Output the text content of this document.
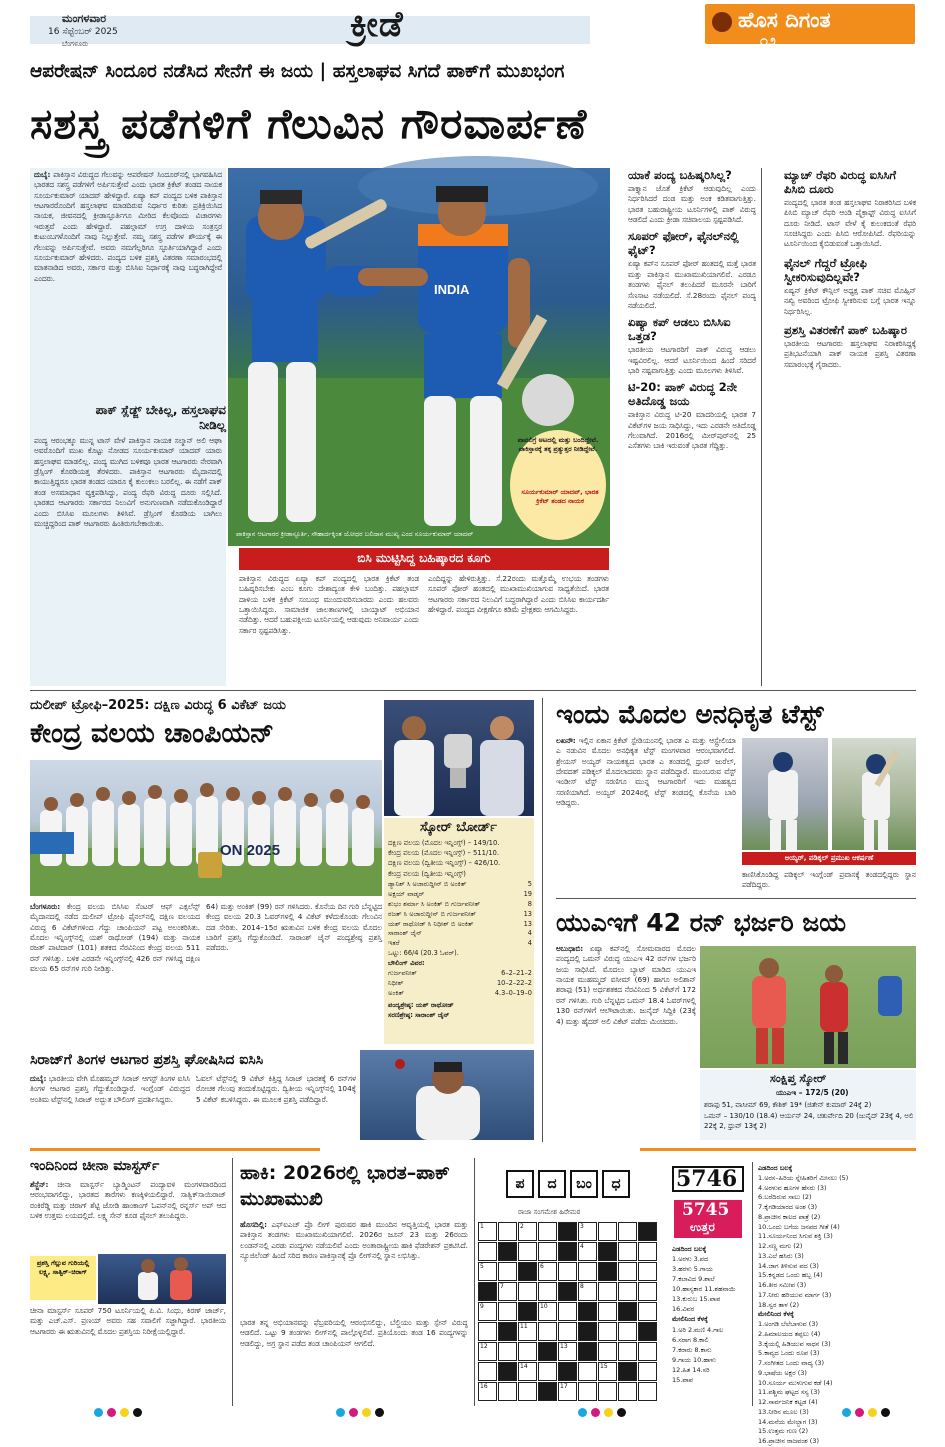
ಮಂಗಳವಾರ
16 ಸೆಪ್ಟೆಂಬರ್ 2025
ಬೆಂಗಳೂರು	ಕ್ರೀಡೆ	ಹೊಸ ದಿಗಂತ
೧೨
ಆಪರೇಷನ್ ಸಿಂದೂರ ನಡೆಸಿದ ಸೇನೆಗೆ ಈ ಜಯ | ಹಸ್ತಲಾಘವ ಸಿಗದೆ ಪಾಕ್‌ಗೆ ಮುಖಭಂಗ
ಸಶಸ್ತ್ರ ಪಡೆಗಳಿಗೆ ಗೆಲುವಿನ ಗೌರವಾರ್ಪಣೆ
ದುಬೈ: ಪಾಕಿಸ್ತಾನ ವಿರುದ್ಧದ ಗೆಲುವನ್ನು ಆಪರೇಷನ್ ಸಿಂದೂರ್‌ನಲ್ಲಿ ಭಾಗವಹಿಸಿದ ಭಾರತದ ಸಶಸ್ತ್ರ ಪಡೆಗಳಿಗೆ ಅರ್ಪಿಸುತ್ತೇವೆ ಎಂದು ಭಾರತ ಕ್ರಿಕೆಟ್ ತಂಡದ ನಾಯಕ ಸೂರ್ಯಕುಮಾರ್ ಯಾದವ್ ಹೇಳಿದ್ದಾರೆ. ಏಷ್ಯಾ ಕಪ್ ಪಂದ್ಯದ ಬಳಿಕ ಪಾಕಿಸ್ತಾನ ಆಟಗಾರರೊಂದಿಗೆ ಹಸ್ತಲಾಘವ ಮಾಡದಿರುವ ನಿರ್ಧಾರ ಕುರಿತು ಪ್ರತಿಕ್ರಿಯಿಸಿದ ನಾಯಕ, ಜೀವನದಲ್ಲಿ ಕ್ರೀಡಾಸ್ಫೂರ್ತಿಗೂ ಮೀರಿದ ಕೆಲವೊಂದು ವಿಚಾರಗಳು ಇರುತ್ತವೆ ಎಂದು ಹೇಳಿದ್ದಾರೆ. ಪಹಲ್ಗಾಮ್ ಉಗ್ರ ದಾಳಿಯ ಸಂತ್ರಸ್ತರ ಕುಟುಂಬಗಳೊಂದಿಗೆ ನಾವು ನಿಲ್ಲುತ್ತೇವೆ. ನಮ್ಮ ಸಶಸ್ತ್ರ ಪಡೆಗಳ ಶೌರ್ಯಕ್ಕೆ ಈ ಗೆಲುವನ್ನು ಅರ್ಪಿಸುತ್ತೇವೆ. ಅವರು ನಮಗೆಲ್ಲರಿಗೂ ಸ್ಫೂರ್ತಿಯಾಗಿದ್ದಾರೆ ಎಂದು ಸೂರ್ಯಕುಮಾರ್ ಹೇಳಿದರು. ಪಂದ್ಯದ ಬಳಿಕ ಪ್ರಶಸ್ತಿ ವಿತರಣಾ ಸಮಾರಂಭದಲ್ಲಿ ಮಾತನಾಡಿದ ಅವರು, ಸರ್ಕಾರ ಮತ್ತು ಬಿಸಿಸಿಐ ನಿರ್ಧಾರಕ್ಕೆ ನಾವು ಬದ್ಧರಾಗಿದ್ದೇವೆ ಎಂದರು.
ಪಾಕ್ ಸ್ಲೆಡ್ಜ್ ಬೇಕಿಲ್ಲ, ಹಸ್ತಲಾಘವ ನೀಡಿಲ್ಲ
ಪಂದ್ಯ ಆರಂಭಕ್ಕೂ ಮುನ್ನ ಟಾಸ್ ವೇಳೆ ಪಾಕಿಸ್ತಾನ ನಾಯಕ ಸಲ್ಮಾನ್ ಅಲಿ ಆಘಾ ಅವರೊಂದಿಗೆ ಮುಖ ಕೊಟ್ಟು ನೋಡದ ಸೂರ್ಯಕುಮಾರ್ ಯಾದವ್ ಯಾರು ಹಸ್ತಲಾಘವ ಮಾಡಲಿಲ್ಲ. ಪಂದ್ಯ ಮುಗಿದ ಬಳಿಕವೂ ಭಾರತ ಆಟಗಾರರು ನೇರವಾಗಿ ಡ್ರೆಸ್ಸಿಂಗ್ ಕೊಠಡಿಯತ್ತ ತೆರಳಿದರು. ಪಾಕಿಸ್ತಾನ ಆಟಗಾರರು ಮೈದಾನದಲ್ಲಿ ಕಾಯುತ್ತಿದ್ದರೂ ಭಾರತ ತಂಡದ ಯಾರೂ ಕೈ ಕುಲುಕಲು ಬರಲಿಲ್ಲ. ಈ ನಡೆಗೆ ಪಾಕ್ ತಂಡ ಅಸಮಾಧಾನ ವ್ಯಕ್ತಪಡಿಸಿದ್ದು, ಪಂದ್ಯ ರೆಫರಿ ವಿರುದ್ಧ ದೂರು ಸಲ್ಲಿಸಿದೆ. ಭಾರತದ ಆಟಗಾರರು ಸರ್ಕಾರದ ನಿಲುವಿಗೆ ಅನುಗುಣವಾಗಿ ನಡೆದುಕೊಂಡಿದ್ದಾರೆ ಎಂದು ಬಿಸಿಸಿಐ ಮೂಲಗಳು ತಿಳಿಸಿವೆ. ಡ್ರೆಸ್ಸಿಂಗ್ ಕೊಠಡಿಯ ಬಾಗಿಲು ಮುಚ್ಚಿದ್ದರಿಂದ ಪಾಕ್ ಆಟಗಾರರು ಹಿಂತಿರುಗಬೇಕಾಯಿತು.
INDIA
ಪಾವಲಿಗ್ರೆ ಅಟದಲ್ಲಿ ಮತ್ತು ಬಂದಿದ್ದೇವೆ. ಪಾಕಿಸ್ತಾನಕ್ಕೆ ತಕ್ಕ ಪ್ರತ್ಯುತ್ತರ ನೀಡಿದ್ದೇವೆ.
ಸೂರ್ಯಕುಮಾರ್ ಯಾದವ್, ಭಾರತ ಕ್ರಿಕೆಟ್ ತಂಡದ ನಾಯಕ
ಪಾಕಿಸ್ತಾನ ಆಟಗಾರರ ಕ್ರೀಡಾಸ್ಫೂರ್ತಿ, ಸೌಹಾರ್ದಕ್ಕಿಂತ ಯೋಧರ ಬಲಿದಾನ ಮುಖ್ಯ ಎಂದ ಸೂರ್ಯಕುಮಾರ್ ಯಾದವ್
ಬಿಸಿ ಮುಟ್ಟಿಸಿದ್ದ ಬಹಿಷ್ಕಾರದ ಕೂಗು
ಪಾಕಿಸ್ತಾನ ವಿರುದ್ಧದ ಏಷ್ಯಾ ಕಪ್ ಪಂದ್ಯದಲ್ಲಿ ಭಾರತ ಕ್ರಿಕೆಟ್ ತಂಡ ಬಹಿಷ್ಕರಿಸಬೇಕು ಎಂಬ ಕೂಗು ದೇಶಾದ್ಯಂತ ಕೇಳಿ ಬಂದಿತ್ತು. ಪಹಲ್ಗಾಮ್ ದಾಳಿಯ ಬಳಿಕ ಕ್ರಿಕೆಟ್ ಸಂಬಂಧ ಮುಂದುವರಿಸಬಾರದು ಎಂದು ಹಲವರು ಒತ್ತಾಯಿಸಿದ್ದರು. ಸಾಮಾಜಿಕ ಜಾಲತಾಣಗಳಲ್ಲಿ ಬಾಯ್ಕಾಟ್ ಅಭಿಯಾನ ನಡೆದಿತ್ತು. ಆದರೆ ಬಹುಪಕ್ಷೀಯ ಟೂರ್ನಿಯಲ್ಲಿ ಆಡುವುದು ಅನಿವಾರ್ಯ ಎಂದು ಸರ್ಕಾರ ಸ್ಪಷ್ಟಪಡಿಸಿತ್ತು.
ಎಂದಿದ್ದನ್ನು ಹೇಳಿರುತ್ತಿತ್ತು. ಸೆ.22ರಂದು ಮತ್ತೊಮ್ಮೆ ಉಭಯ ತಂಡಗಳು ಸೂಪರ್ ಫೋರ್ ಹಂತದಲ್ಲಿ ಮುಖಾಮುಖಿಯಾಗುವ ಸಾಧ್ಯತೆಯಿದೆ. ಭಾರತ ಆಟಗಾರರು ಸರ್ಕಾರದ ನಿಲುವಿಗೆ ಬದ್ಧರಾಗಿದ್ದಾರೆ ಎಂದು ಬಿಸಿಸಿಐ ಕಾರ್ಯದರ್ಶಿ ಹೇಳಿದ್ದಾರೆ. ಪಂದ್ಯದ ವೀಕ್ಷಣೆಗೂ ಕಡಿಮೆ ಪ್ರೇಕ್ಷಕರು ಆಗಮಿಸಿದ್ದರು.
ಯಾಕೆ ಪಂದ್ಯ ಬಹಿಷ್ಕರಿಸಿಲ್ಲ?
ಪಾಕ್ತ್ಯಾನ ಜೊತೆ ಕ್ರಿಕೆಟ್ ಆಡುವುದಿಲ್ಲ ಎಂದು ನಿರ್ಧರಿಸಿದರೆ ದಂಡ ಮತ್ತು ಅಂಕ ಕಡಿತವಾಗುತ್ತಿತ್ತು. ಭಾರತ ಬಹುರಾಷ್ಟ್ರೀಯ ಟೂರ್ನಿಗಳಲ್ಲಿ ಪಾಕ್ ವಿರುದ್ಧ ಆಡಲಿದೆ ಎಂದು ಕ್ರೀಡಾ ಸಚಿವಾಲಯ ಸ್ಪಷ್ಟಪಡಿಸಿದೆ.
ಸೂಪರ್ ಫೋರ್, ಫೈನಲ್‌ನಲ್ಲಿ ಫೈಟ್?
ಏಷ್ಯಾ ಕಪ್‌ನ ಸೂಪರ್ ಫೋರ್ ಹಂತದಲ್ಲಿ ಮತ್ತೆ ಭಾರತ ಮತ್ತು ಪಾಕಿಸ್ತಾನ ಮುಖಾಮುಖಿಯಾಗಲಿವೆ. ಎರಡೂ ತಂಡಗಳು ಫೈನಲ್ ತಲುಪಿದರೆ ಮೂರನೇ ಬಾರಿಗೆ ಸೆಣಸಾಟ ನಡೆಯಲಿದೆ. ಸೆ.28ರಂದು ಫೈನಲ್ ಪಂದ್ಯ ನಡೆಯಲಿದೆ.
ಏಷ್ಯಾ ಕಪ್ ಆಡಲು ಬಿಸಿಸಿಐ ಒತ್ತಡ?
ಭಾರತೀಯ ಆಟಗಾರರಿಗೆ ಪಾಕ್ ವಿರುದ್ಧ ಆಡಲು ಇಷ್ಟವಿರಲಿಲ್ಲ. ಆದರೆ ಟೂರ್ನಿಯಿಂದ ಹಿಂದೆ ಸರಿದರೆ ಭಾರಿ ನಷ್ಟವಾಗುತ್ತಿತ್ತು ಎಂದು ಮೂಲಗಳು ತಿಳಿಸಿವೆ.
ಟಿ-20: ಪಾಕ್ ವಿರುದ್ಧ 2ನೇ ಅತಿದೊಡ್ಡ ಜಯ
ಪಾಕಿಸ್ತಾನ ವಿರುದ್ಧ ಟಿ-20 ಮಾದರಿಯಲ್ಲಿ ಭಾರತ 7 ವಿಕೆಟ್‌ಗಳ ಜಯ ಸಾಧಿಸಿದ್ದು, ಇದು ಎರಡನೇ ಅತಿದೊಡ್ಡ ಗೆಲುವಾಗಿದೆ. 2016ರಲ್ಲಿ ಮೀರ್‌ಪುರ್‌ನಲ್ಲಿ 25 ಎಸೆತಗಳು ಬಾಕಿ ಇರುವಂತೆ ಭಾರತ ಗೆದ್ದಿತ್ತು.
ಮ್ಯಾಚ್ ರೆಫರಿ ವಿರುದ್ಧ ಐಸಿಸಿಗೆ ಪಿಸಿಬಿ ದೂರು
ಪಂದ್ಯದಲ್ಲಿ ಭಾರತ ತಂಡ ಹಸ್ತಲಾಘವ ನಿರಾಕರಿಸಿದ ಬಳಿಕ ಪಿಸಿಬಿ ಮ್ಯಾಚ್ ರೆಫರಿ ಆಂಡಿ ಪೈಕ್ರಾಫ್ಟ್ ವಿರುದ್ಧ ಐಸಿಸಿಗೆ ದೂರು ನೀಡಿದೆ. ಟಾಸ್ ವೇಳೆ ಕೈ ಕುಲುಕದಂತೆ ರೆಫರಿ ಸೂಚಿಸಿದ್ದರು ಎಂದು ಪಿಸಿಬಿ ಆರೋಪಿಸಿದೆ. ರೆಫರಿಯನ್ನು ಟೂರ್ನಿಯಿಂದ ಕೈಬಿಡುವಂತೆ ಒತ್ತಾಯಿಸಿದೆ.
ಫೈನಲ್ ಗೆದ್ದರೆ ಟ್ರೋಫಿ ಸ್ವೀಕರಿಸುವುದಿಲ್ಲವೇ?
ಏಷ್ಯನ್ ಕ್ರಿಕೆಟ್ ಕೌನ್ಸಿಲ್ ಅಧ್ಯಕ್ಷ ಪಾಕ್ ಸಚಿವ ಮೊಹ್ಸಿನ್ ನಖ್ವಿ ಅವರಿಂದ ಟ್ರೋಫಿ ಸ್ವೀಕರಿಸುವ ಬಗ್ಗೆ ಭಾರತ ಇನ್ನೂ ನಿರ್ಧರಿಸಿಲ್ಲ.
ಪ್ರಶಸ್ತಿ ವಿತರಣೆಗೆ ಪಾಕ್ ಬಹಿಷ್ಕಾರ
ಭಾರತೀಯ ಆಟಗಾರರು ಹಸ್ತಲಾಘವ ನಿರಾಕರಿಸಿದ್ದಕ್ಕೆ ಪ್ರತಿಭಟನೆಯಾಗಿ ಪಾಕ್ ನಾಯಕ ಪ್ರಶಸ್ತಿ ವಿತರಣಾ ಸಮಾರಂಭಕ್ಕೆ ಗೈರಾದರು.
ದುಲೀಪ್ ಟ್ರೋಫಿ–2025: ದಕ್ಷಿಣ ವಿರುದ್ಧ 6 ವಿಕೆಟ್ ಜಯ
ಕೇಂದ್ರ ವಲಯ ಚಾಂಪಿಯನ್
ON 2025
ಬೆಂಗಳೂರು: ಕೇಂದ್ರ ವಲಯ ಬಿಸಿಸಿಐ ಸೆಂಟರ್ ಆಫ್ ಎಕ್ಸಲೆನ್ಸ್ ಮೈದಾನದಲ್ಲಿ ನಡೆದ ದುಲೀಪ್ ಟ್ರೋಫಿ ಫೈನಲ್‌ನಲ್ಲಿ ದಕ್ಷಿಣ ವಲಯದ ವಿರುದ್ಧ 6 ವಿಕೆಟ್‌ಗಳಿಂದ ಗೆದ್ದು ಚಾಂಪಿಯನ್ ಪಟ್ಟ ಅಲಂಕರಿಸಿತು. ಮೊದಲ ಇನ್ನಿಂಗ್ಸ್‌ನಲ್ಲಿ ಯಶ್ ರಾಥೋಡ್ (194) ಮತ್ತು ನಾಯಕ ರಜತ್ ಪಾಟಿದಾರ್ (101) ಶತಕದ ನೆರವಿನಿಂದ ಕೇಂದ್ರ ವಲಯ 511 ರನ್ ಗಳಿಸಿತ್ತು. ಬಳಿಕ ಎರಡನೇ ಇನ್ನಿಂಗ್ಸ್‌ನಲ್ಲಿ 426 ರನ್ ಗಳಿಸಿದ್ದ ದಕ್ಷಿಣ ವಲಯ 65 ರನ್‌ಗಳ ಗುರಿ ನೀಡಿತ್ತು.
64) ಮತ್ತು ಅಂಕಿತ್ (99) ರನ್ ಗಳಿಸಿದರು. ಕೊನೆಯ ದಿನ ಗುರಿ ಬೆನ್ನಟ್ಟಿದ ಕೇಂದ್ರ ವಲಯ 20.3 ಓವರ್‌ಗಳಲ್ಲಿ 4 ವಿಕೆಟ್ ಕಳೆದುಕೊಂಡು ಗೆಲುವಿನ ದಡ ಸೇರಿತು. 2014–15ರ ಋತುವಿನ ಬಳಿಕ ಕೇಂದ್ರ ವಲಯ ಮೊದಲ ಬಾರಿಗೆ ಪ್ರಶಸ್ತಿ ಗೆದ್ದುಕೊಂಡಿದೆ. ಸಾರಾಂಶ್ ಜೈನ್ ಪಂದ್ಯಶ್ರೇಷ್ಠ ಪ್ರಶಸ್ತಿ ಪಡೆದರು.
ಸ್ಕೋರ್ ಬೋರ್ಡ್
ದಕ್ಷಿಣ ವಲಯ (ಮೊದಲ ಇನ್ನಿಂಗ್ಸ್) – 149/10.
ಕೇಂದ್ರ ವಲಯ (ಮೊದಲ ಇನ್ನಿಂಗ್ಸ್) – 511/10.
ದಕ್ಷಿಣ ವಲಯ (ದ್ವಿತೀಯ ಇನ್ನಿಂಗ್ಸ್) – 426/10.
ಕೇಂದ್ರ ವಲಯ (ದ್ವಿತೀಯ ಇನ್ನಿಂಗ್ಸ್)
ಡ್ಯಾನಿಶ್ ಸಿ ಅಜಾರುದ್ದೀನ್ ಬಿ ಅಂಕಿತ್	5
ಅಕ್ಷಯ್ ವಾಡ್ಕರ್	19
ಶುಭಂ ಶರ್ಮಾ ಸಿ ಅಂಕಿತ್ ಬಿ ಗುರ್ಜಪನೀತ್	8
ರಜತ್ ಸಿ ಅಜಾರುದ್ದೀನ್ ಬಿ ಗುರ್ಜಪನೀತ್	13
ಯಶ್ ರಾಥೋಡ್ ಸಿ ನಿಧೀಶ್ ಬಿ ಅಂಕಿತ್	13
ಸಾರಾಂಶ್ ಜೈನ್	4
ಇತರೆ	4
ಒಟ್ಟು: 66/4 (20.3 ಓವರ್).
ಬೌಲಿಂಗ್ ವಿವರ:
ಗುರ್ಜಪನೀತ್	6–2–21–2
ನಿಧೀಶ್	10–2–22–2
ಅಂಕಿತ್	4.3–0–19–0
ಪಂದ್ಯಶ್ರೇಷ್ಠ: ಯಶ್ ರಾಥೋಡ್
ಸರಣಿಶ್ರೇಷ್ಠ: ಸಾರಾಂಶ್ ಜೈನ್
ಸಿರಾಜ್‌ಗೆ ತಿಂಗಳ ಆಟಗಾರ ಪ್ರಶಸ್ತಿ ಘೋಷಿಸಿದ ಐಸಿಸಿ
ದುಬೈ: ಭಾರತೀಯ ವೇಗಿ ಮೊಹಮ್ಮದ್ ಸಿರಾಜ್ ಆಗಸ್ಟ್ ತಿಂಗಳ ಐಸಿಸಿ ತಿಂಗಳ ಆಟಗಾರ ಪ್ರಶಸ್ತಿ ಗೆದ್ದುಕೊಂಡಿದ್ದಾರೆ. ಇಂಗ್ಲೆಂಡ್ ವಿರುದ್ಧದ ಅಂತಿಮ ಟೆಸ್ಟ್‌ನಲ್ಲಿ ಸಿರಾಜ್ ಅದ್ಭುತ ಬೌಲಿಂಗ್ ಪ್ರದರ್ಶಿಸಿದ್ದರು.
ಓವಲ್ ಟೆಸ್ಟ್‌ನಲ್ಲಿ 9 ವಿಕೆಟ್ ಕಿತ್ತಿದ್ದ ಸಿರಾಜ್ ಭಾರತಕ್ಕೆ 6 ರನ್‌ಗಳ ರೋಚಕ ಗೆಲುವು ತಂದುಕೊಟ್ಟಿದ್ದರು. ದ್ವಿತೀಯ ಇನ್ನಿಂಗ್ಸ್‌ನಲ್ಲಿ 104ಕ್ಕೆ 5 ವಿಕೆಟ್ ಕಬಳಿಸಿದ್ದರು. ಈ ಮೂಲಕ ಪ್ರಶಸ್ತಿ ಪಡೆದಿದ್ದಾರೆ.
ಇಂದು ಮೊದಲ ಅನಧಿಕೃತ ಟೆಸ್ಟ್
ಲಖನೌ: ಇಲ್ಲಿನ ಏಕಾನ ಕ್ರಿಕೆಟ್ ಸ್ಟೇಡಿಯಂನಲ್ಲಿ ಭಾರತ ಎ ಮತ್ತು ಆಸ್ಟ್ರೇಲಿಯಾ ಎ ನಡುವಿನ ಮೊದಲ ಅನಧಿಕೃತ ಟೆಸ್ಟ್ ಮಂಗಳವಾರ ಆರಂಭವಾಗಲಿದೆ. ಶ್ರೇಯಸ್ ಅಯ್ಯರ್ ನಾಯಕತ್ವದ ಭಾರತ ಎ ತಂಡದಲ್ಲಿ ಧ್ರುವ್ ಜುರೆಲ್, ದೇವದತ್ ಪಡಿಕ್ಕಲ್ ಮೊದಲಾದವರು ಸ್ಥಾನ ಪಡೆದಿದ್ದಾರೆ. ಮುಂಬರುವ ವೆಸ್ಟ್ ಇಂಡೀಸ್ ಟೆಸ್ಟ್ ಸರಣಿಗೂ ಮುನ್ನ ಆಟಗಾರರಿಗೆ ಇದು ಮಹತ್ವದ ಸರಣಿಯಾಗಿದೆ. ಅಯ್ಯರ್ 2024ರಲ್ಲಿ ಟೆಸ್ಟ್ ತಂಡದಲ್ಲಿ ಕೊನೆಯ ಬಾರಿ ಆಡಿದ್ದರು.
ಅಯ್ಯರ್, ಪಡಿಕ್ಕಲ್ ಪ್ರಮುಖ ಆಕರ್ಷಣೆ
ಕಾಣಿಸಿಕೊಂಡಿದ್ದ ಪಡಿಕ್ಕಲ್ ಇಂಗ್ಲೆಂಡ್ ಪ್ರವಾಸಕ್ಕೆ ತಂಡದಲ್ಲಿದ್ದರು ಸ್ಥಾನ ಪಡೆದಿದ್ದರು.
ಯುಎಇಗೆ 42 ರನ್ ಭರ್ಜರಿ ಜಯ
ಅಬುಧಾಬಿ: ಏಷ್ಯಾ ಕಪ್‌ನಲ್ಲಿ ಸೋಮವಾರದ ಮೊದಲ ಪಂದ್ಯದಲ್ಲಿ ಒಮನ್ ವಿರುದ್ಧ ಯುಎಇ 42 ರನ್‌ಗಳ ಭರ್ಜರಿ ಜಯ ಸಾಧಿಸಿದೆ. ಮೊದಲು ಬ್ಯಾಟ್ ಮಾಡಿದ ಯುಎಇ ನಾಯಕ ಮುಹಮ್ಮದ್ ವಸೀಮ್ (69) ಹಾಗೂ ಅಲಿಶಾನ್ ಶರಾಫು (51) ಅರ್ಧಶತಕದ ನೆರವಿನಿಂದ 5 ವಿಕೆಟ್‌ಗೆ 172 ರನ್ ಗಳಿಸಿತು. ಗುರಿ ಬೆನ್ನಟ್ಟಿದ ಒಮನ್ 18.4 ಓವರ್‌ಗಳಲ್ಲಿ 130 ರನ್‌ಗಳಿಗೆ ಆಲೌಟಾಯಿತು. ಜುನೈದ್ ಸಿದ್ದಿಕಿ (23ಕ್ಕೆ 4) ಮತ್ತು ಹೈದರ್ ಅಲಿ ವಿಕೆಟ್ ಪಡೆದು ಮಿಂಚಿದರು.
ಸಂಕ್ಷಿಪ್ತ ಸ್ಕೋರ್
ಯುಎಇ – 172/5 (20)
ಶರಾಫು 51, ವಾಸೀಮ್ 69, ಕೌಶಿಕ್ 19* (ಜಿತೇನ್ ಕುಮಾರ್ 24ಕ್ಕೆ 2)
ಒಮನ್ – 130/10 (18.4) ಆರ್ಯನ್ 24, ಚತುರ್ವೇದಿ 20 (ಜುನೈದ್ 23ಕ್ಕೆ 4, ಅಲಿ 22ಕ್ಕೆ 2, ಧ್ರುವ್ 13ಕ್ಕೆ 2)
ಇಂದಿನಿಂದ ಚೀನಾ ಮಾಸ್ಟರ್ಸ್
ಶೆನ್ಜೆನ್: ಚೀನಾ ಮಾಸ್ಟರ್ಸ್ ಬ್ಯಾಡ್ಮಿಂಟನ್ ಪಂದ್ಯಾವಳಿ ಮಂಗಳವಾರದಿಂದ ಆರಂಭವಾಗಲಿದ್ದು, ಭಾರತದ ತಾರೆಗಳು ಕಣಕ್ಕಿಳಿಯಲಿದ್ದಾರೆ. ಸಾತ್ವಿಕ್‌ಸಾಯಿರಾಜ್ ರಂಕಿರೆಡ್ಡಿ ಮತ್ತು ಚಿರಾಗ್ ಶೆಟ್ಟಿ ಜೋಡಿ ಹಾಂಕಾಂಗ್ ಓಪನ್‌ನಲ್ಲಿ ರನ್ನರ್ಸ್ ಅಪ್ ಆದ ಬಳಿಕ ಉತ್ತಮ ಲಯದಲ್ಲಿದೆ. ಲಕ್ಷ್ಯ ಸೇನ್ ಕೂಡ ಫೈನಲ್ ತಲುಪಿದ್ದರು.
ಪ್ರಶಸ್ತಿ ಗೆಲ್ಲುವ ಗುರಿಯಲ್ಲಿ ಲಕ್ಷ್ಯ, ಸಾತ್ವಿಕ್–ಚಿರಾಗ್
ಚೀನಾ ಮಾಸ್ಟರ್ಸ್ ಸೂಪರ್ 750 ಟೂರ್ನಿಯಲ್ಲಿ ಪಿ.ವಿ. ಸಿಂಧು, ಕಿರಣ್ ಜಾರ್ಜ್, ಮತ್ತು ಎಚ್.ಎಸ್. ಪ್ರಣಯ್ ಅವರು ಸಹ ಸವಾಲಿಗೆ ಸಜ್ಜಾಗಿದ್ದಾರೆ. ಭಾರತೀಯ ಆಟಗಾರರು ಈ ಋತುವಿನಲ್ಲಿ ಮೊದಲ ಪ್ರಶಸ್ತಿಯ ನಿರೀಕ್ಷೆಯಲ್ಲಿದ್ದಾರೆ.
ಹಾಕಿ: 2026ರಲ್ಲಿ ಭಾರತ–ಪಾಕ್ ಮುಖಾಮುಖಿ
ಹೊಸದಿಲ್ಲಿ: ಎಫ್‌ಐಎಚ್ ಪ್ರೊ ಲೀಗ್ ಪುರುಷರ ಹಾಕಿ ಮುಂದಿನ ಆವೃತ್ತಿಯಲ್ಲಿ ಭಾರತ ಮತ್ತು ಪಾಕಿಸ್ತಾನ ತಂಡಗಳು ಮುಖಾಮುಖಿಯಾಗಲಿವೆ. 2026ರ ಜೂನ್ 23 ಮತ್ತು 26ರಂದು ಲಂಡನ್‌ನಲ್ಲಿ ಎರಡು ಪಂದ್ಯಗಳು ನಡೆಯಲಿವೆ ಎಂದು ಅಂತಾರಾಷ್ಟ್ರೀಯ ಹಾಕಿ ಫೆಡರೇಶನ್ ಪ್ರಕಟಿಸಿದೆ. ನ್ಯೂಜಿಲೆಂಡ್ ಹಿಂದೆ ಸರಿದ ಕಾರಣ ಪಾಕಿಸ್ತಾನಕ್ಕೆ ಪ್ರೊ ಲೀಗ್‌ನಲ್ಲಿ ಸ್ಥಾನ ಲಭಿಸಿತ್ತು.
ಭಾರತ ತನ್ನ ಅಭಿಯಾನವನ್ನು ಫೆಬ್ರವರಿಯಲ್ಲಿ ಆರಂಭಿಸಲಿದ್ದು, ಬೆಲ್ಜಿಯಂ ಮತ್ತು ಸ್ಪೇನ್ ವಿರುದ್ಧ ಆಡಲಿದೆ. ಒಟ್ಟು 9 ತಂಡಗಳು ಲೀಗ್‌ನಲ್ಲಿ ಪಾಲ್ಗೊಳ್ಳಲಿವೆ. ಪ್ರತಿಯೊಂದು ತಂಡ 16 ಪಂದ್ಯಗಳನ್ನು ಆಡಲಿದ್ದು, ಅಗ್ರ ಸ್ಥಾನ ಪಡೆದ ತಂಡ ಚಾಂಪಿಯನ್ ಆಗಲಿದೆ.
ಪ	ದ	ಬಂ	ಧ
ರಾಜಾ ಸಂಗಮೇಶ ಹಿರೇಮಠ
1	2	3
4
5	6
7	8
9	10
11
12	13
14	15
16	17
5746
5745
ಉತ್ತರ
ಎಡದಿಂದ ಬಲಕ್ಕೆ
1.ಅರಳು 3.ಪದ
3.ಹರಳು 5.ಗಾಯ
7.ಕಲಾವಿದ 9.ಶಾಲೆ
10.ಹಾಸ್ಯಕಾರ 11.ಶಹನಾಯಿ
13.ಕುರುಬ 15.ಪಾಪ
16.ವಿವರ
ಮೇಲಿನಿಂದ ಕೆಳಕ್ಕೆ
1.ಅರಿ 2.ಮಣಿ 4.ಗಾಲ
6.ಸರಾಗ 8.ಕಾಲಿ
7.ಕರಾರು 8.ಕಾನು
9.ಗಾಯ 10.ಹಾಳು
12.ಹಿತ 14.ಸರಿ
15.ಪಾಪ
ಎಡದಿಂದ ಬಲಕ್ಕೆ
1.ಅರಸ–ಹಿರಿಯ ಸ್ನೇಹಿತರಿಗೆ ಮೀಸಲು (5)
4.ಅರಳುವ ಹೂಗಳ ಹೆಸರು (3)
6.ಬರೆದಿರುವ ಸಾಲು (2)
7.ಕೈಗಡಿಯಾರದ ಅಂಶ (3)
8.ಪ್ರಾಚೀನ ಕಾಲದ ಪಾತ್ರೆ (2)
10.ಒಂದು ಬಗೆಯ ಜನಪದ ಗೀತೆ (4)
11.ಸೂರ್ಯನಿಂದ ಸಿಗುವ ಶಕ್ತಿ (3)
12.ಸಣ್ಣ ಮಗು (2)
13.ಎಲೆ ಹಸಿರು (3)
14.ಜಾಗ ತಿಳಿಸುವ ಪದ (3)
15.ಕನ್ನಡದ ಒಂದು ಹಬ್ಬ (4)
16.ತೀರ ಸಮೀಪ (3)
17.ನೀರು ಹರಿಯುವ ಮಾರ್ಗ (3)
18.ಸ್ವರ ತಾಳ (2)
ಮೇಲಿನಿಂದ ಕೆಳಕ್ಕೆ
1.ಅಂಗಡಿ ಬೆಲೆಬಾಳುವ (3)
2.ಹಿಮಾಲಯದ ತಪ್ಪಲು (4)
3.ಕೈಯಲ್ಲಿ ಹಿಡಿಯುವ ಸಾಧನ (3)
5.ಕಾವ್ಯದ ಒಂದು ರೂಪ (3)
7.ಸಂಗೀತದ ಒಂದು ವಾದ್ಯ (3)
9.ಭಾಷೆಯ ಅಕ್ಷರ (3)
10.ಸೂರ್ಯ ಮುಳುಗುವ ಕಡೆ (4)
11.ಪಶ್ಚಿಮ ಘಟ್ಟದ ಸಸ್ಯ (3)
12.ಸಾರ್ವಜನಿಕ ಕಟ್ಟಡ (4)
13.ನೀರಿನ ಮೂಲ (3)
14.ಮನೆಯ ಮೇಲ್ಭಾಗ (3)
15.ಉತ್ತಮ ಗುಣ (2)
16.ಪ್ರಾಚೀನ ರಾಜವಂಶ (3)
